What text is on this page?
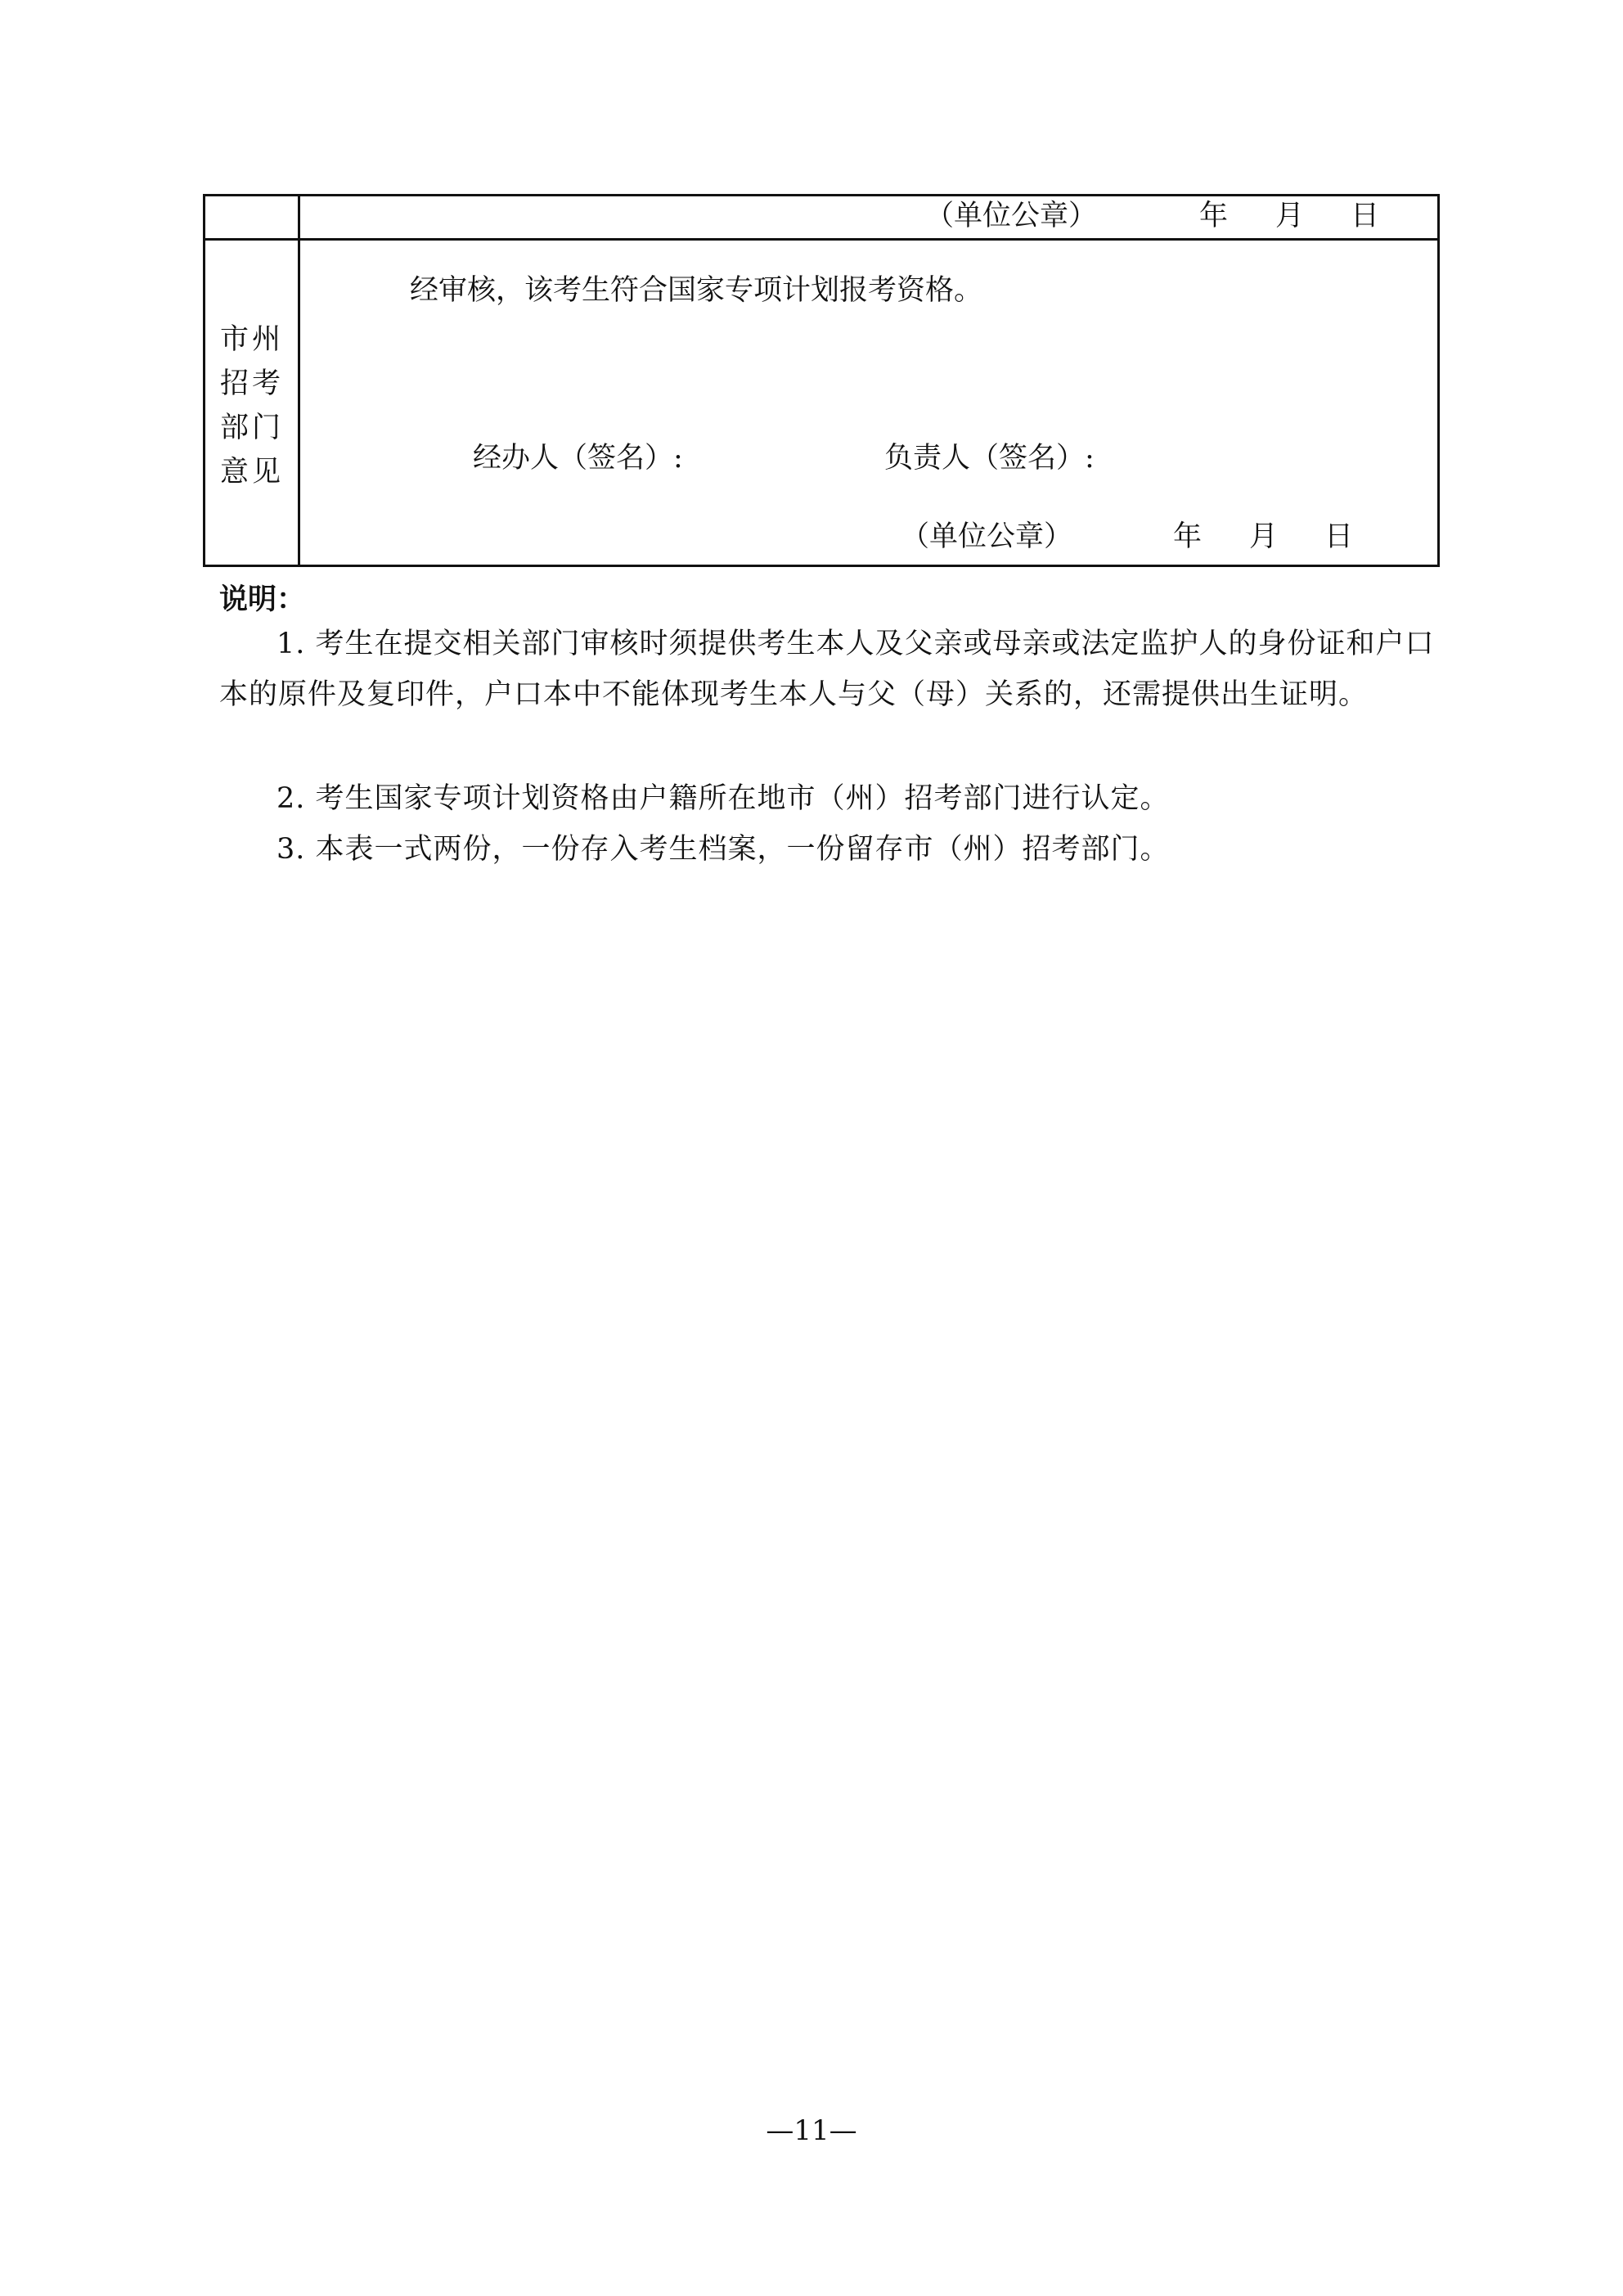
（单位公章）	年 月 日
市州
招考
部门
意见
经审核，该考生符合国家专项计划报考资格。
经办人（签名）:	负责人（签名）:
（单位公章）	年 月 日
说明：
1. 考生在提交相关部门审核时须提供考生本人及父亲或母亲或法定监护人的身份证和户口本的原件及复印件，户口本中不能体现考生本人与父（母）关系的，还需提供出生证明。
2. 考生国家专项计划资格由户籍所在地市（州）招考部门进行认定。
3. 本表一式两份，一份存入考生档案，一份留存市（州）招考部门。
—11—
